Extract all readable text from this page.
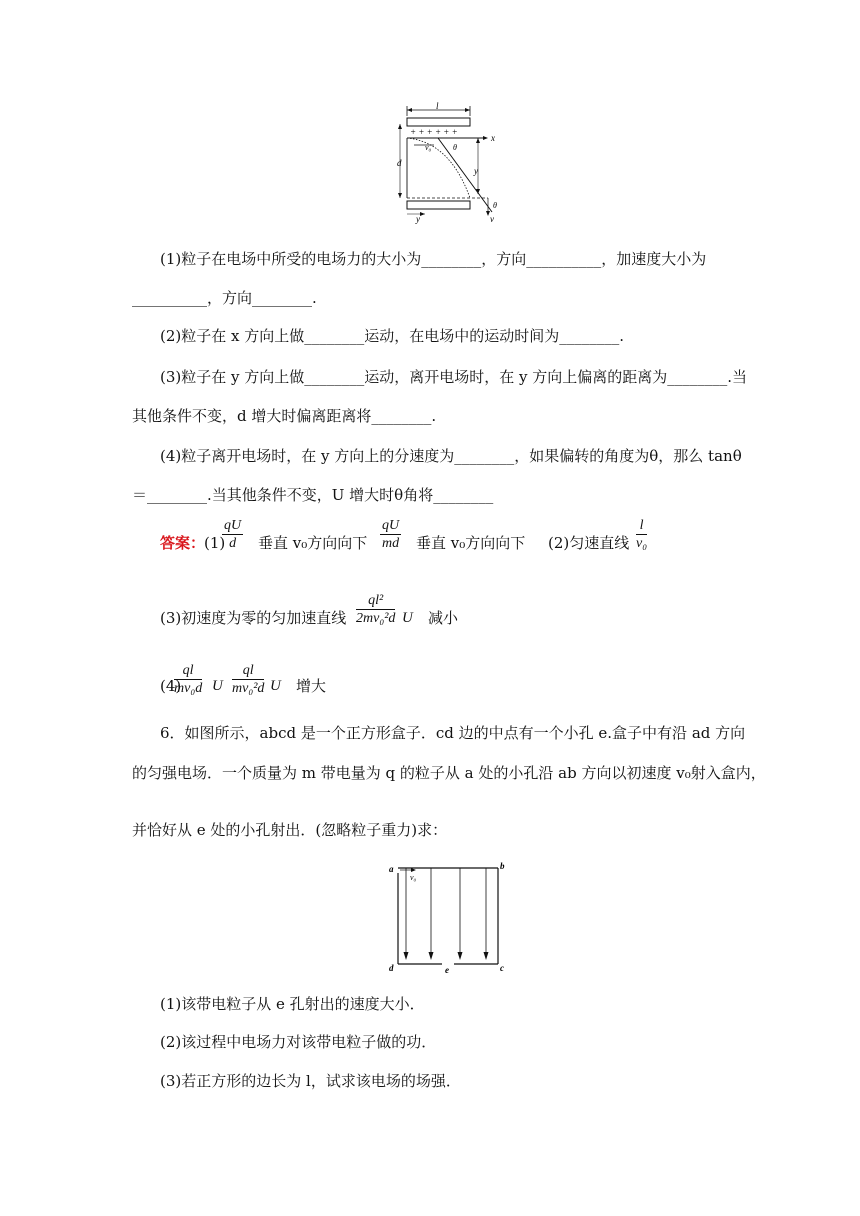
l
+ + + + + +
x
v₀
d
θ
y
y
θ
v
(1)粒子在电场中所受的电场力的大小为________，方向__________，加速度大小为
__________，方向________.
(2)粒子在 x 方向上做________运动，在电场中的运动时间为________.
(3)粒子在 y 方向上做________运动，离开电场时，在 y 方向上偏离的距离为________.当
其他条件不变，d 增大时偏离距离将________.
(4)粒子离开电场时，在 y 方向上的分速度为________，如果偏转的角度为θ，那么 tanθ
＝________.当其他条件不变，U 增大时θ角将________
答案：
(1)
$\frac{qU}{d}$ 垂直 v₀方向向下 $\frac{qU}{md}$ 垂直 v₀方向向下 (2)匀速直线 $\frac{l}{\text{v₀}}$
(3)初速度为零的匀加速直线 $\frac{\text{ql²}}{\text{2mv₀²d}}$ U 减小
(4)
$\frac{ql}{\text{mv₀d}}$ U $\frac{ql}{\text{mv₀²d}}$ U 增大
6．如图所示，abcd 是一个正方形盒子．cd 边的中点有一个小孔 e.盒子中有沿 ad 方向
的匀强电场．一个质量为 m 带电量为 q 的粒子从 a 处的小孔沿 ab 方向以初速度 v₀射入盒内，
并恰好从 e 处的小孔射出．(忽略粒子重力)求：
v₀
a	b
d	e	c
(1)该带电粒子从 e 孔射出的速度大小．
(2)该过程中电场力对该带电粒子做的功．
(3)若正方形的边长为 l，试求该电场的场强．
